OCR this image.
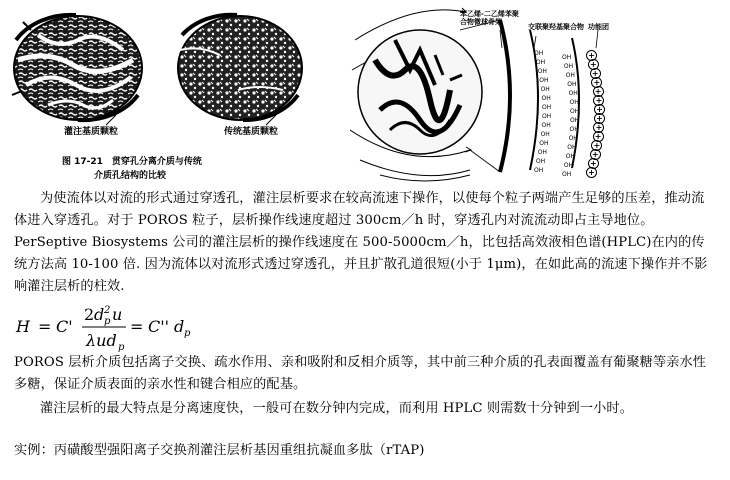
灌注基质颗粒	传统基质颗粒
图 17-21　贯穿孔分离介质与传统
介质孔结构的比较
苯乙烯-二乙烯苯聚合物微球骨架
交联聚羟基聚合物 功能团
OH
OH
OH
OH
OH
OH
OH
OH
OH
OH
OH
OH
OH
OH
OH
OH
OH
OH
OH
OH
OH
OH
OH
OH
OH
OH
OH
OH
+
+
+
+
+
+
+
+
+
+
+
+
+
+
为使流体以对流的形式通过穿透孔，灌注层析要求在较高流速下操作，以使每个粒子两端产生足够的压差，推动流体进入穿透孔。对于 POROS 粒子，层析操作线速度超过 300cm／h 时，穿透孔内对流流动即占主导地位。PerSeptive Biosystems 公司的灌注层析的操作线速度在 500-5000cm／h，比包括高效液相色谱(HPLC)在内的传统方法高 10-100 倍. 因为流体以对流形式透过穿透孔，并且扩散孔道很短(小于 1μm)，在如此高的流速下操作并不影响灌注层析的柱效.
H = C'
2 d 2
p u
λud p
= C'' d p
POROS 层析介质包括离子交换、疏水作用、亲和吸附和反相介质等，其中前三种介质的孔表面覆盖有葡聚糖等亲水性多糖，保证介质表面的亲水性和键合相应的配基。
灌注层析的最大特点是分离速度快，一般可在数分钟内完成，而利用 HPLC 则需数十分钟到一小时。
实例：丙磺酸型强阳离子交换剂灌注层析基因重组抗凝血多肽（rTAP)
